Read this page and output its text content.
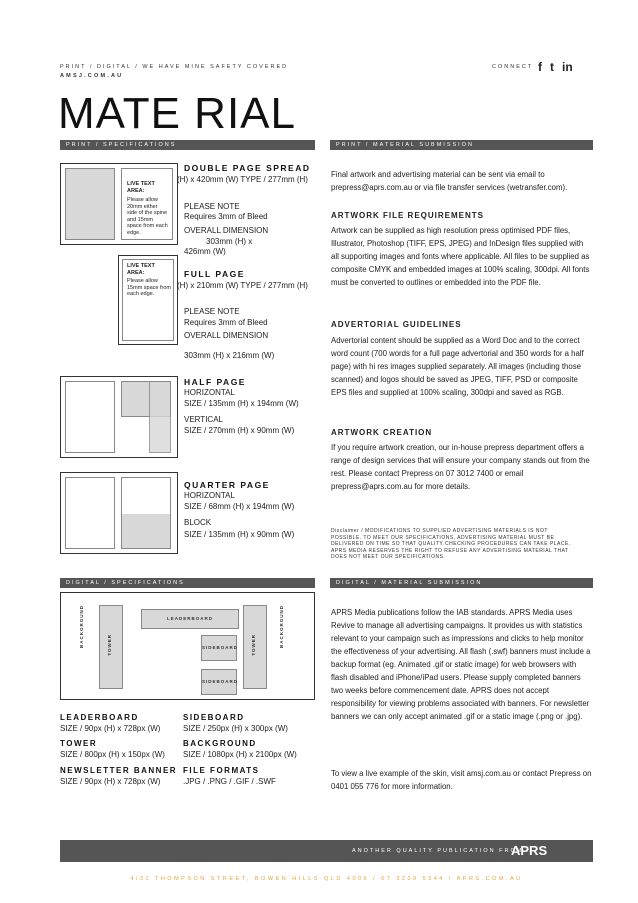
PRINT / DIGITAL / WE HAVE MINE SAFETY COVERED
AMSJ.COM.AU
CONNECT f t in
MATE RIAL
PRINT / SPECIFICATIONS	PRINT / MATERIAL SUBMISSION
DIGITAL / SPECIFICATIONS	DIGITAL / MATERIAL SUBMISSION
LIVE TEXT AREA:
Please allow 20mm either side of the spine and 15mm space from each edge.
DOUBLE PAGE SPREAD
(H) x 420mm (W) TYPE / 277mm (H)
PLEASE NOTE
Requires 3mm of Bleed
OVERALL DIMENSION
303mm (H) x
426mm (W)
LIVE TEXT AREA:
Please allow 15mm space from each edge.
FULL PAGE
(H) x 210mm (W) TYPE / 277mm (H)
PLEASE NOTE
Requires 3mm of Bleed
OVERALL DIMENSION
303mm (H) x 216mm (W)
HALF PAGE
HORIZONTAL
SIZE / 135mm (H) x 194mm (W)
VERTICAL
SIZE / 270mm (H) x 90mm (W)
QUARTER PAGE
HORIZONTAL
SIZE / 68mm (H) x 194mm (W)
BLOCK
SIZE / 135mm (H) x 90mm (W)
Final artwork and advertising material can be sent via email to prepress@aprs.com.au or via file transfer services (wetransfer.com).
ARTWORK FILE REQUIREMENTS
Artwork can be supplied as high resolution press optimised PDF files, Illustrator, Photoshop (TIFF, EPS, JPEG) and InDesign files supplied with all supporting images and fonts where applicable. All files to be supplied as composite CMYK and embedded images at 100% scaling, 300dpi. All fonts must be converted to outlines or embedded into the PDF file.
ADVERTORIAL GUIDELINES
Advertorial content should be supplied as a Word Doc and to the correct word count (700 words for a full page advertorial and 350 words for a half page) with hi res images supplied separately. All images (including those scanned) and logos should be saved as JPEG, TIFF, PSD or composite EPS files and supplied at 100% scaling, 300dpi and saved as RGB.
ARTWORK CREATION
If you require artwork creation, our in-house prepress department offers a range of design services that will ensure your company stands out from the rest. Please contact Prepress on 07 3012 7400 or email prepress@aprs.com.au for more details.
Disclaimer / MODIFICATIONS TO SUPPLIED ADVERTISING MATERIALS IS NOT POSSIBLE. TO MEET OUR SPECIFICATIONS, ADVERTISING MATERIAL MUST BE DELIVERED ON TIME SO THAT QUALITY CHECKING PROCEDURES CAN TAKE PLACE. APRS MEDIA RESERVES THE RIGHT TO REFUSE ANY ADVERTISING MATERIAL THAT DOES NOT MEET OUR SPECIFICATIONS.
BACKGROUND	TOWER
LEADERBOARD
SIDEBOARD
SIDEBOARD
TOWER	BACKGROUND
LEADERBOARD
SIZE / 90px (H) x 728px (W)
SIDEBOARD
SIZE / 250px (H) x 300px (W)
TOWER
SIZE / 800px (H) x 150px (W)
BACKGROUND
SIZE / 1080px (H) x 2100px (W)
NEWSLETTER BANNER
SIZE / 90px (H) x 728px (W)
FILE FORMATS
.JPG / .PNG / .GIF / .SWF
APRS Media publications follow the IAB standards. APRS Media uses Revive to manage all advertising campaigns. It provides us with statistics relevant to your campaign such as impressions and clicks to help monitor the effectiveness of your advertising. All flash (.swf) banners must include a backup format (eg. Animated .gif or static image) for web browsers with flash disabled and iPhone/iPad users. Please supply completed banners two weeks before commencement date. APRS does not accept responsibility for viewing problems associated with banners. For newsletter banners we can only accept animated .gif or a static image (.png or .jpg).
To view a live example of the skin, visit amsj.com.au or contact Prepress on 0401 055 776 for more information.
ANOTHER QUALITY PUBLICATION FROM
APRS
4/31 THOMPSON STREET, BOWEN HILLS QLD 4006 / 07 3229 5344 / APRS.COM.AU
